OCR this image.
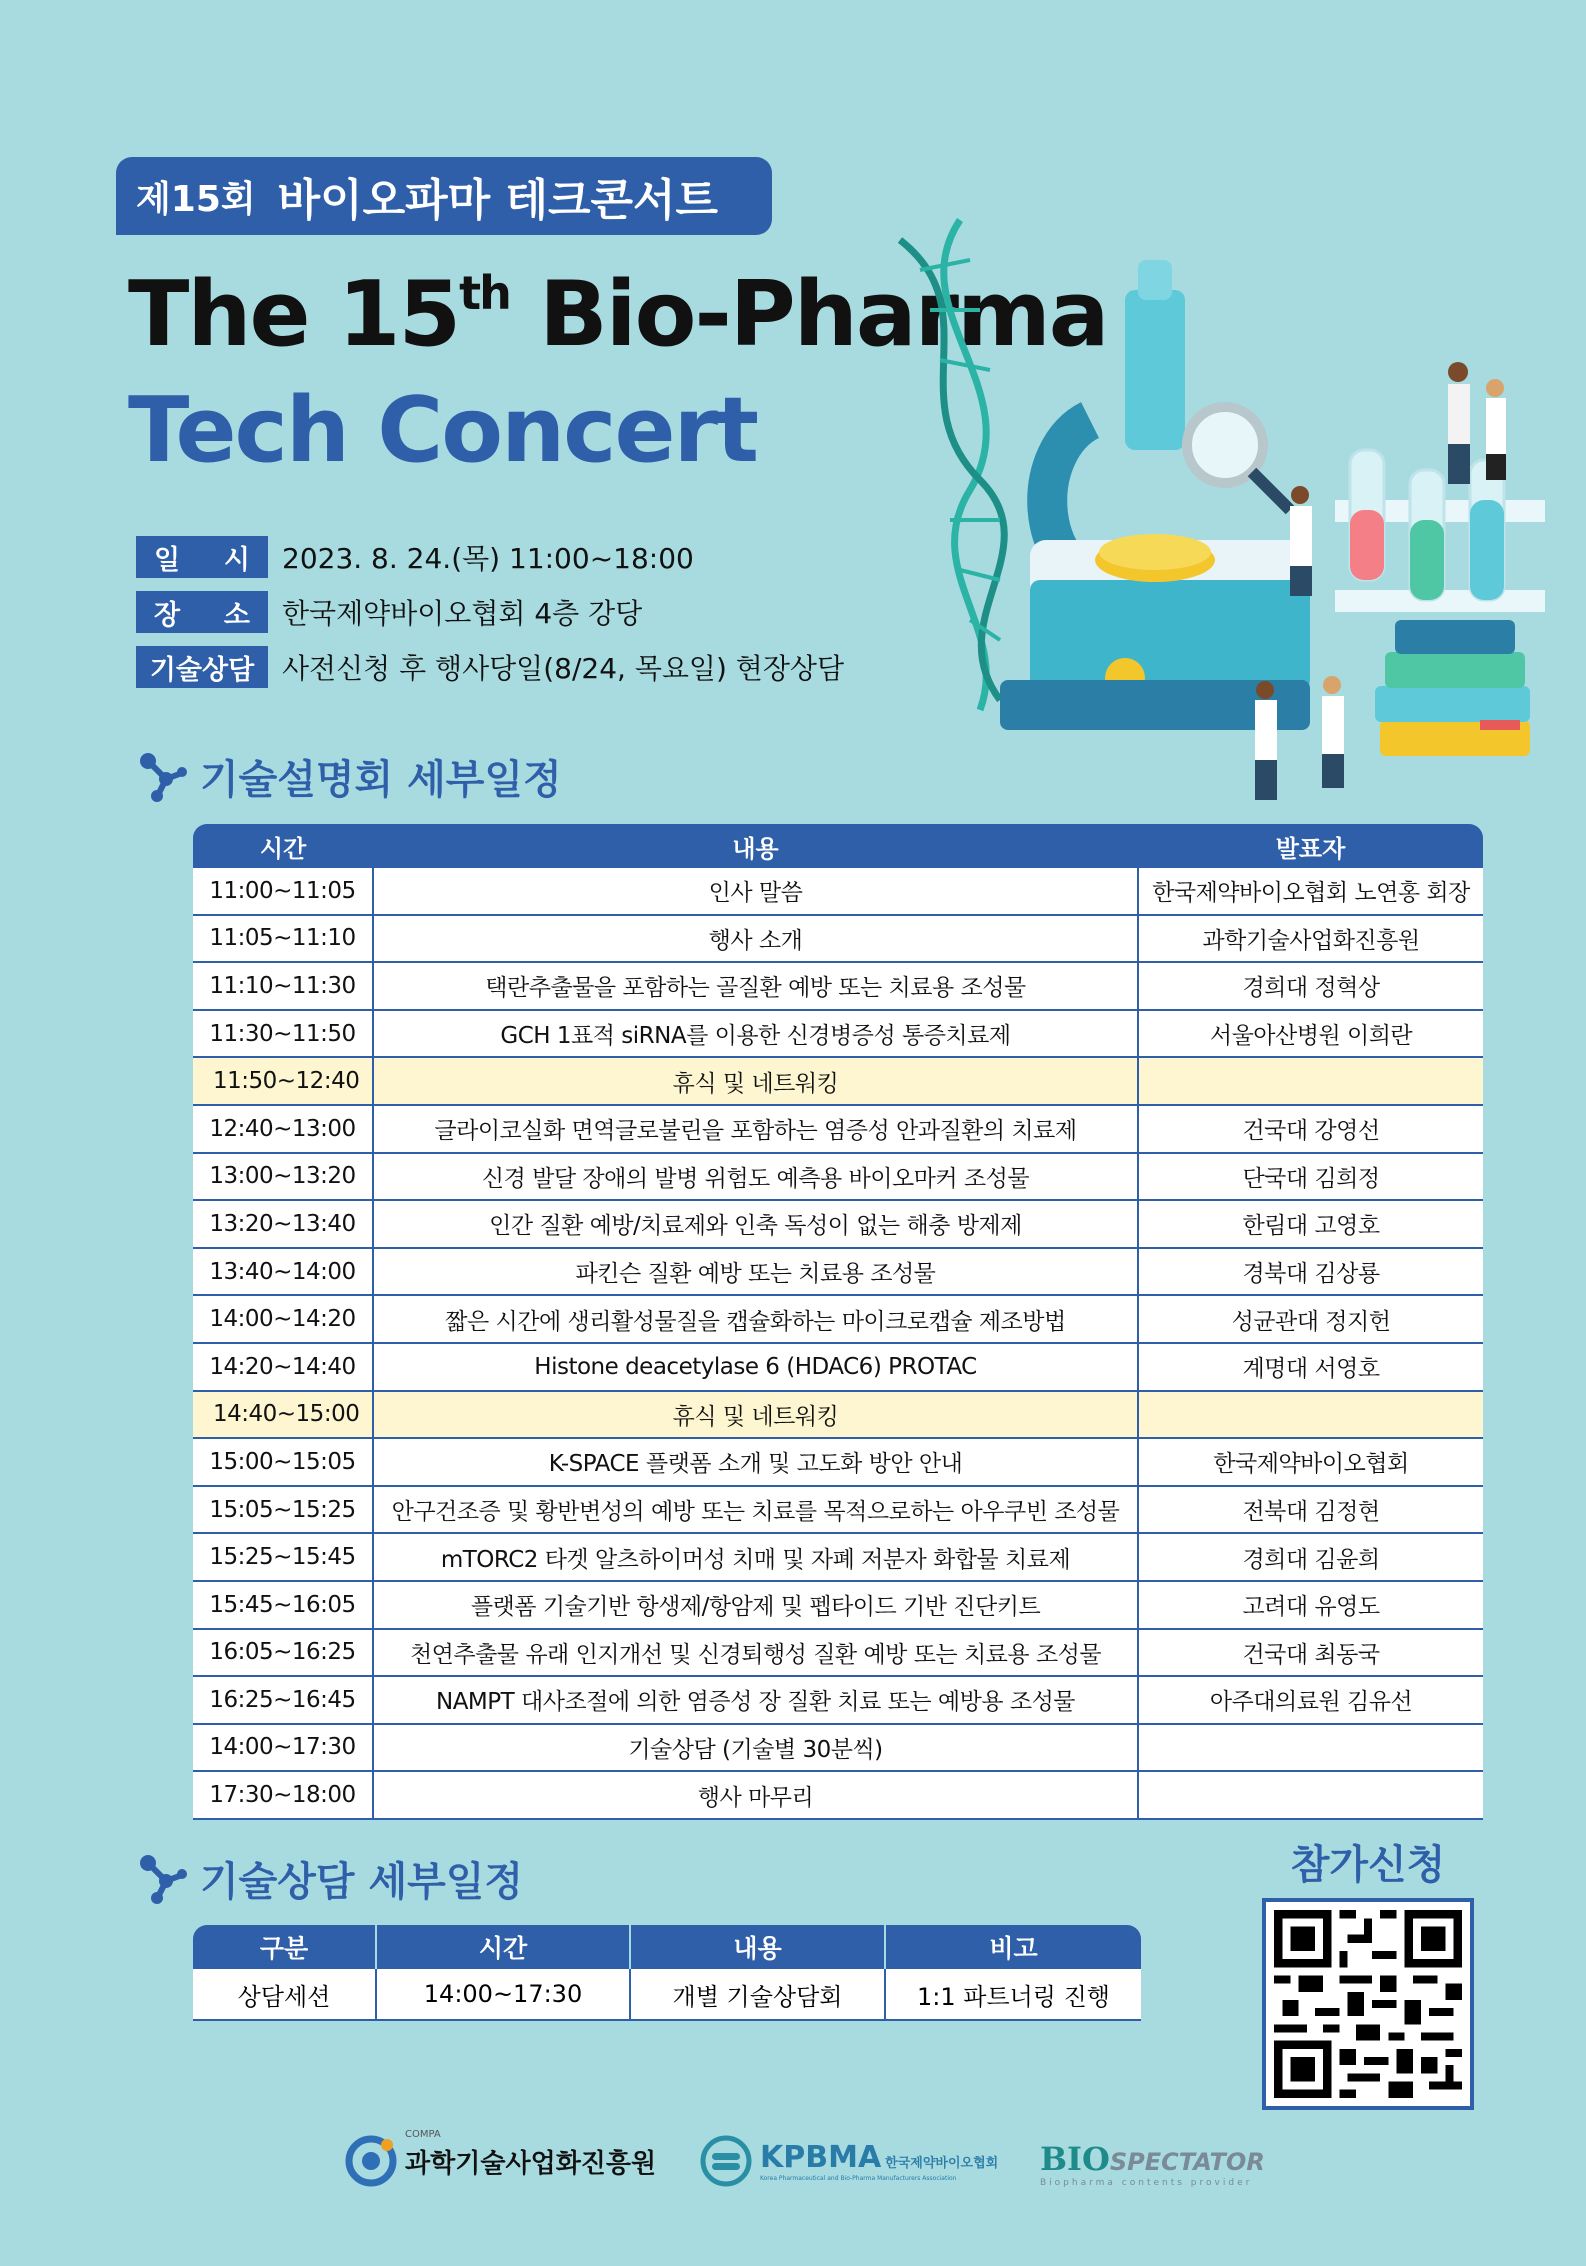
제15회 바이오파마 테크콘서트
The 15th Bio-Pharma
Tech Concert
일 시 2023. 8. 24.(목) 11:00~18:00
장 소 한국제약바이오협회 4층 강당
기술상담 사전신청 후 행사당일(8/24, 목요일) 현장상담
기술설명회 세부일정
시간	내용	발표자
11:00~11:05	인사 말씀	한국제약바이오협회 노연홍 회장
11:05~11:10	행사 소개	과학기술사업화진흥원
11:10~11:30	택란추출물을 포함하는 골질환 예방 또는 치료용 조성물	경희대 정혁상
11:30~11:50	GCH 1표적 siRNA를 이용한 신경병증성 통증치료제	서울아산병원 이희란
11:50~12:40	휴식 및 네트워킹	
12:40~13:00	글라이코실화 면역글로불린을 포함하는 염증성 안과질환의 치료제	건국대 강영선
13:00~13:20	신경 발달 장애의 발병 위험도 예측용 바이오마커 조성물	단국대 김희정
13:20~13:40	인간 질환 예방/치료제와 인축 독성이 없는 해충 방제제	한림대 고영호
13:40~14:00	파킨슨 질환 예방 또는 치료용 조성물	경북대 김상룡
14:00~14:20	짧은 시간에 생리활성물질을 캡슐화하는 마이크로캡슐 제조방법	성균관대 정지헌
14:20~14:40	Histone deacetylase 6 (HDAC6) PROTAC	계명대 서영호
14:40~15:00	휴식 및 네트워킹	
15:00~15:05	K-SPACE 플랫폼 소개 및 고도화 방안 안내	한국제약바이오협회
15:05~15:25	안구건조증 및 황반변성의 예방 또는 치료를 목적으로하는 아우쿠빈 조성물	전북대 김정현
15:25~15:45	mTORC2 타겟 알츠하이머성 치매 및 자폐 저분자 화합물 치료제	경희대 김윤희
15:45~16:05	플랫폼 기술기반 항생제/항암제 및 펩타이드 기반 진단키트	고려대 유영도
16:05~16:25	천연추출물 유래 인지개선 및 신경퇴행성 질환 예방 또는 치료용 조성물	건국대 최동국
16:25~16:45	NAMPT 대사조절에 의한 염증성 장 질환 치료 또는 예방용 조성물	아주대의료원 김유선
14:00~17:30	기술상담 (기술별 30분씩)	
17:30~18:00	행사 마무리	
기술상담 세부일정
구분	시간	내용	비고
상담세션	14:00~17:30	개별 기술상담회	1:1 파트너링 진행
참가신청
COMPA
과학기술사업화진흥원	KPBMA 한국제약바이오협회
Korea Pharmaceutical and Bio-Pharma Manufacturers Association
BIO SPECTATOR
Biopharma contents provider
